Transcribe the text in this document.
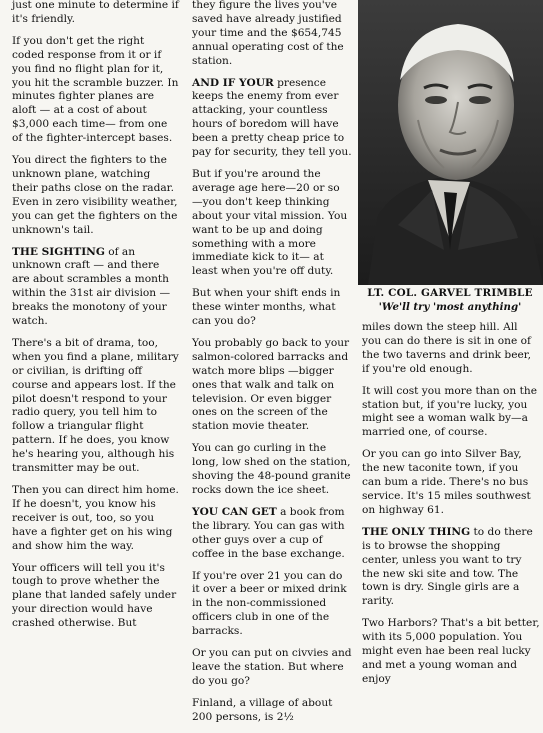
just one minute to determine if it's friendly.

If you don't get the right coded response from it or if you find no flight plan for it, you hit the scramble buzzer. In minutes fighter planes are aloft — at a cost of about $3,000 each time— from one of the fighter-intercept bases.

You direct the fighters to the unknown plane, watching their paths close on the radar. Even in zero visibility weather, you can get the fighters on the unknown's tail.

THE SIGHTING of an unknown craft — and there are about scrambles a month within the 31st air division — breaks the monotony of your watch.

There's a bit of drama, too, when you find a plane, military or civilian, is drifting off course and appears lost. If the pilot doesn't respond to your radio query, you tell him to follow a triangular flight pattern. If he does, you know he's hearing you, although his transmitter may be out.

Then you can direct him home. If he doesn't, you know his receiver is out, too, so you have a fighter get on his wing and show him the way.

Your officers will tell you it's tough to prove whether the plane that landed safely under your direction would have crashed otherwise. But

they figure the lives you've saved have already justified your time and the $654,745 annual operating cost of the station.

AND IF YOUR presence keeps the enemy from ever attacking, your countless hours of boredom will have been a pretty cheap price to pay for security, they tell you.

But if you're around the average age here—20 or so —you don't keep thinking about your vital mission. You want to be up and doing something with a more immediate kick to it— at least when you're off duty.

But when your shift ends in these winter months, what can you do?

You probably go back to your salmon-colored barracks and watch more blips —bigger ones that walk and talk on television. Or even bigger ones on the screen of the station movie theater.

You can go curling in the long, low shed on the station, shoving the 48-pound granite rocks down the ice sheet.

YOU CAN GET a book from the library. You can gas with other guys over a cup of coffee in the base exchange.

If you're over 21 you can do it over a beer or mixed drink in the non-commissioned officers club in one of the barracks.

Or you can put on civvies and leave the station. But where do you go?

Finland, a village of about 200 persons, is 2½

LT. COL. GARVEL TRIMBLE
'We'll try 'most anything'

miles down the steep hill. All you can do there is sit in one of the two taverns and drink beer, if you're old enough.

It will cost you more than on the station but, if you're lucky, you might see a woman walk by—a married one, of course.

Or you can go into Silver Bay, the new taconite town, if you can bum a ride. There's no bus service. It's 15 miles southwest on highway 61.

THE ONLY THING to do there is to browse the shopping center, unless you want to try the new ski site and tow. The town is dry. Single girls are a rarity.

Two Harbors? That's a bit better, with its 5,000 population. You might even hae been real lucky and met a young woman and enjoy
